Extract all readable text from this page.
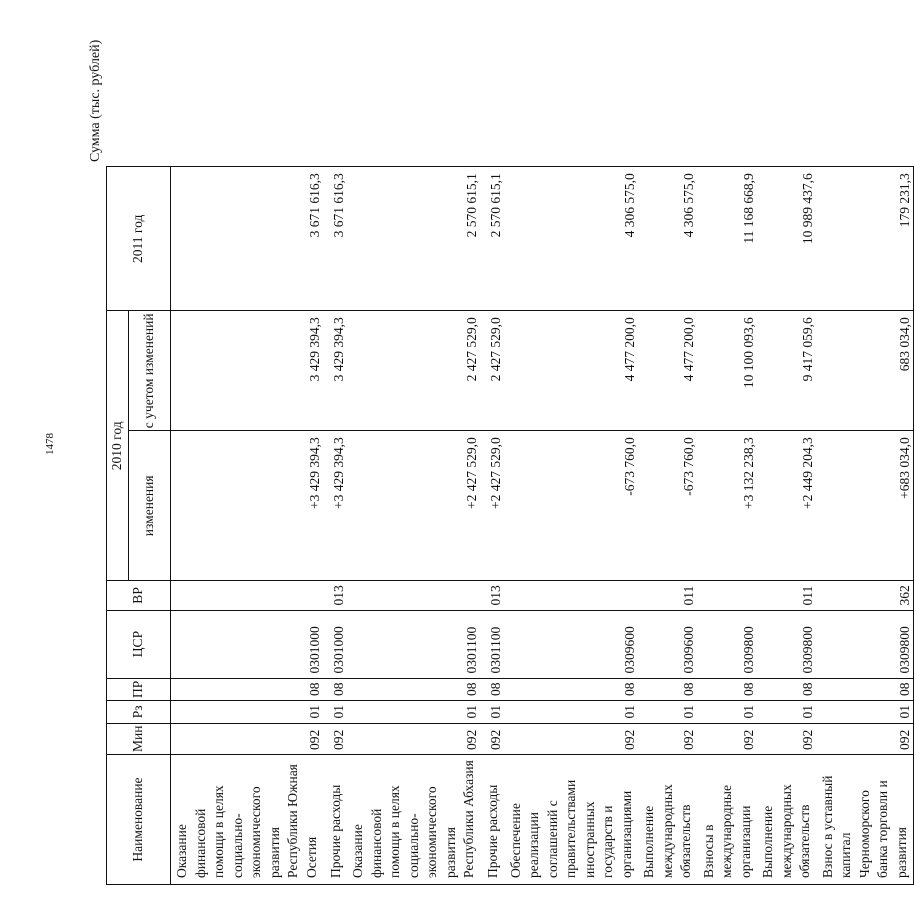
1478
Сумма (тыс. рублей)
Наименование	Мин	Рз	ПР	ЦСР	ВР	2010 год		2011 год
						изменения	с учетом изменений	
Оказание финансовой помощи в целях социально-экономического развития Республики Южная Осетия	092	01	08	0301000		+3 429 394,3	3 429 394,3	3 671 616,3
Прочие расходы	092	01	08	0301000	013	+3 429 394,3	3 429 394,3	3 671 616,3
Оказание финансовой помощи в целях социально-экономического развития Республики Абхазия	092	01	08	0301100		+2 427 529,0	2 427 529,0	2 570 615,1
Прочие расходы	092	01	08	0301100	013	+2 427 529,0	2 427 529,0	2 570 615,1
Обеспечение реализации соглашений с правительствами иностранных государств и организациями	092	01	08	0309600		-673 760,0	4 477 200,0	4 306 575,0
Выполнение международных обязательств	092	01	08	0309600	011	-673 760,0	4 477 200,0	4 306 575,0
Взносы в международные организации	092	01	08	0309800		+3 132 238,3	10 100 093,6	11 168 668,9
Выполнение международных обязательств	092	01	08	0309800	011	+2 449 204,3	9 417 059,6	10 989 437,6
Взнос в уставный капитал Черноморского банка торговли и развития	092	01	08	0309800	362	+683 034,0	683 034,0	179 231,3
